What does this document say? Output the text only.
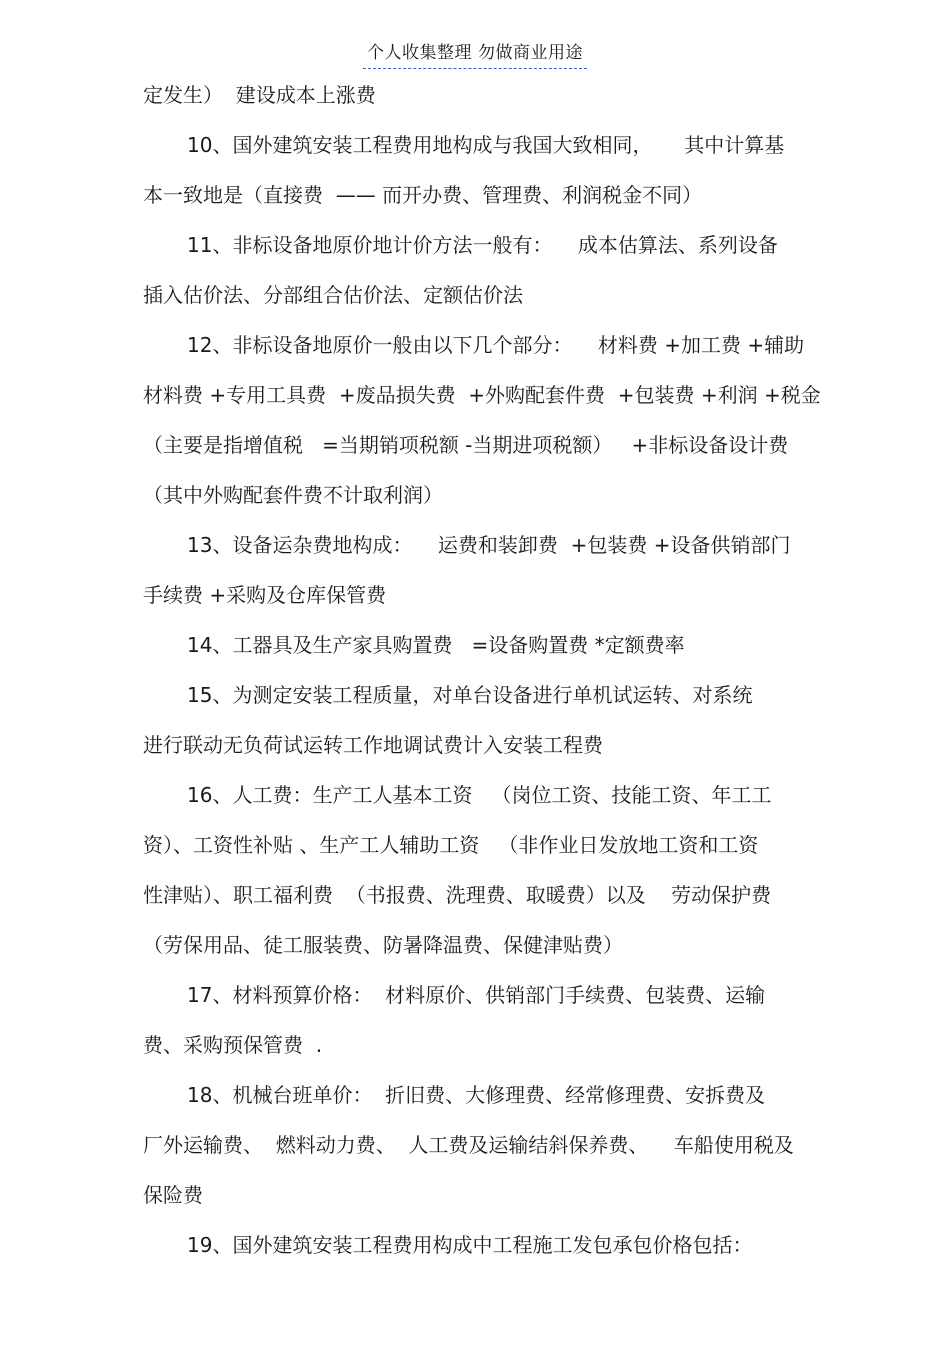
个人收集整理 勿做商业用途
定发生）  建设成本上涨费
10、国外建筑安装工程费用地构成与我国大致相同，     其中计算基
本一致地是（直接费  —— 而开办费、管理费、利润税金不同）
11、非标设备地原价地计价方法一般有：    成本估算法、系列设备
插入估价法、分部组合估价法、定额估价法
12、非标设备地原价一般由以下几个部分：    材料费 +加工费 +辅助
材料费 +专用工具费  +废品损失费  +外购配套件费  +包装费 +利润 +税金
（主要是指增值税   =当期销项税额 -当期进项税额）   +非标设备设计费
（其中外购配套件费不计取利润）
13、设备运杂费地构成：    运费和装卸费  +包装费 +设备供销部门
手续费 +采购及仓库保管费
14、工器具及生产家具购置费   =设备购置费 *定额费率
15、为测定安装工程质量，对单台设备进行单机试运转、对系统
进行联动无负荷试运转工作地调试费计入安装工程费
16、人工费：生产工人基本工资   （岗位工资、技能工资、年工工
资）、工资性补贴 、生产工人辅助工资   （非作业日发放地工资和工资
性津贴）、职工福利费  （书报费、洗理费、取暖费）以及    劳动保护费
（劳保用品、徒工服装费、防暑降温费、保健津贴费）
17、材料预算价格：  材料原价、供销部门手续费、包装费、运输
费、采购预保管费  .
18、机械台班单价：  折旧费、大修理费、经常修理费、安拆费及
厂外运输费、  燃料动力费、  人工费及运输结斜保养费、    车船使用税及
保险费
19、国外建筑安装工程费用构成中工程施工发包承包价格包括：
